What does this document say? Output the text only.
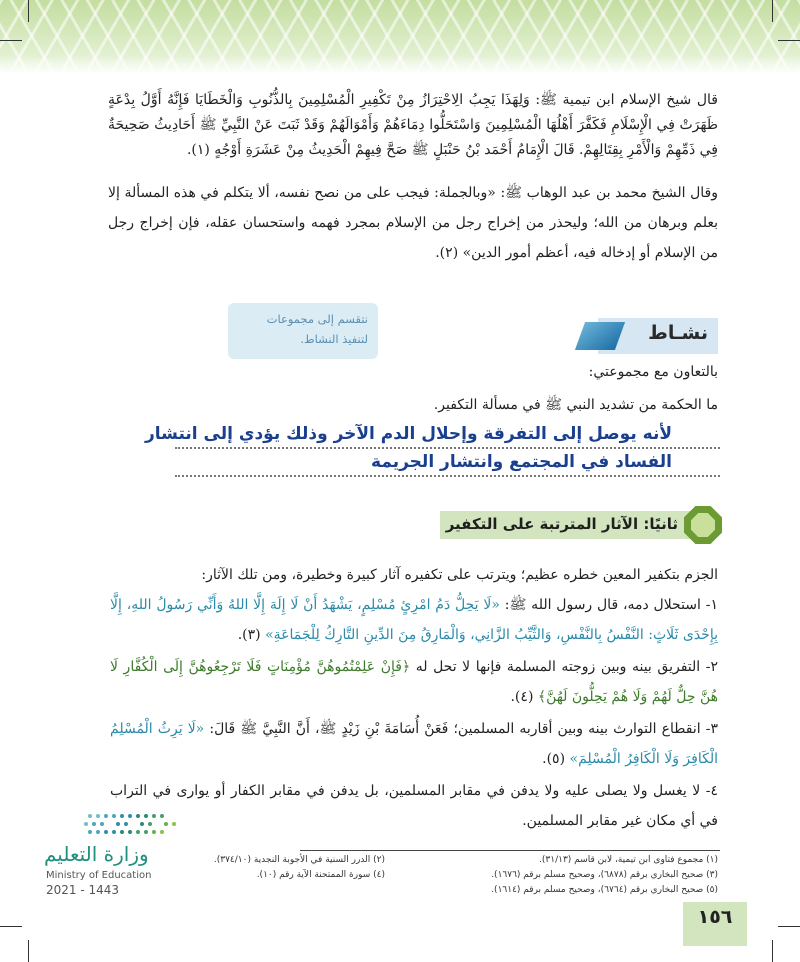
قال شيخ الإسلام ابن تيمية ﷺ: وَلِهَذَا يَجِبُ الِاحْتِرَازُ مِنْ تَكْفِيرِ الْمُسْلِمِينَ بِالذُّنُوبِ وَالْخَطَايَا فَإِنَّهُ أَوَّلُ بِدْعَةٍ ظَهَرَتْ فِي الْإِسْلَامِ فَكَفَّرَ أَهْلُهَا الْمُسْلِمِينَ وَاسْتَحَلُّوا دِمَاءَهُمْ وَأَمْوَالَهُمْ وَقَدْ ثَبَتَ عَنْ النَّبِيِّ ﷺ أَحَادِيثُ صَحِيحَةٌ فِي ذَمِّهِمْ وَالْأَمْرِ بِقِتَالِهِمْ. قَالَ الْإِمَامُ أَحْمَد بْنُ حَنْبَلٍ ﷺ صَحَّ فِيهِمْ الْحَدِيثُ مِنْ عَشَرَةِ أَوْجُهٍ (١).
وقال الشيخ محمد بن عبد الوهاب ﷺ: «وبالجملة: فيجب على من نصح نفسه، ألا يتكلم في هذه المسألة إلا بعلم وبرهان من الله؛ وليحذر من إخراج رجل من الإسلام بمجرد فهمه واستحسان عقله، فإن إخراج رجل من الإسلام أو إدخاله فيه، أعظم أمور الدين» (٢).
نتقسم إلى مجموعات لتنفيذ النشاط.	نشـاط
بالتعاون مع مجموعتي:
ما الحكمة من تشديد النبي ﷺ في مسألة التكفير.
لأنه يوصل إلى التفرقة وإحلال الدم الآخر وذلك يؤدي إلى انتشار
الفساد في المجتمع وانتشار الجريمة
ثانيًا: الآثار المترتبة على التكفير
الجزم بتكفير المعين خطره عظيم؛ ويترتب على تكفيره آثار كبيرة وخطيرة، ومن تلك الآثار:
١- استحلال دمه، قال رسول الله ﷺ: «لَا يَحِلُّ دَمُ امْرِئٍ مُسْلِمٍ، يَشْهَدُ أَنْ لَا إِلَهَ إِلَّا اللهُ وَأَنِّي رَسُولُ اللهِ، إِلَّا بِإِحْدَى ثَلَاثٍ: النَّفْسُ بِالنَّفْسِ، وَالثَّيِّبُ الزَّانِي، وَالْمَارِقُ مِنَ الدِّينِ التَّارِكُ لِلْجَمَاعَةِ» (٣).
٢- التفريق بينه وبين زوجته المسلمة فإنها لا تحل له ﴿فَإِنْ عَلِمْتُمُوهُنَّ مُؤْمِنَاتٍ فَلَا تَرْجِعُوهُنَّ إِلَى الْكُفَّارِ لَا هُنَّ حِلٌّ لَهُمْ وَلَا هُمْ يَحِلُّونَ لَهُنَّ﴾ (٤).
٣- انقطاع التوارث بينه وبين أقاربه المسلمين؛ فَعَنْ أُسَامَةَ بْنِ زَيْدٍ ﷺ، أَنَّ النَّبِيَّ ﷺ قَالَ: «لَا يَرِثُ الْمُسْلِمُ الْكَافِرَ وَلَا الْكَافِرُ الْمُسْلِمَ» (٥).
٤- لا يغسل ولا يصلى عليه ولا يدفن في مقابر المسلمين، بل يدفن في مقابر الكفار أو يوارى في التراب في أي مكان غير مقابر المسلمين.
(١) مجموع فتاوى ابن تيمية، لابن قاسم (٣١/١٣).
(٣) صحيح البخاري برقم (٦٨٧٨)، وصحيح مسلم برقم (١٦٧٦).
(٥) صحيح البخاري برقم (٦٧٦٤)، وصحيح مسلم برقم (١٦١٤).
(٢) الدرر السنية في الأجوبة النجدية (٣٧٤/١٠).
(٤) سورة الممتحنة الآية رقم (١٠).
وزارة التعليم
Ministry of Education
2021 - 1443
١٥٦
